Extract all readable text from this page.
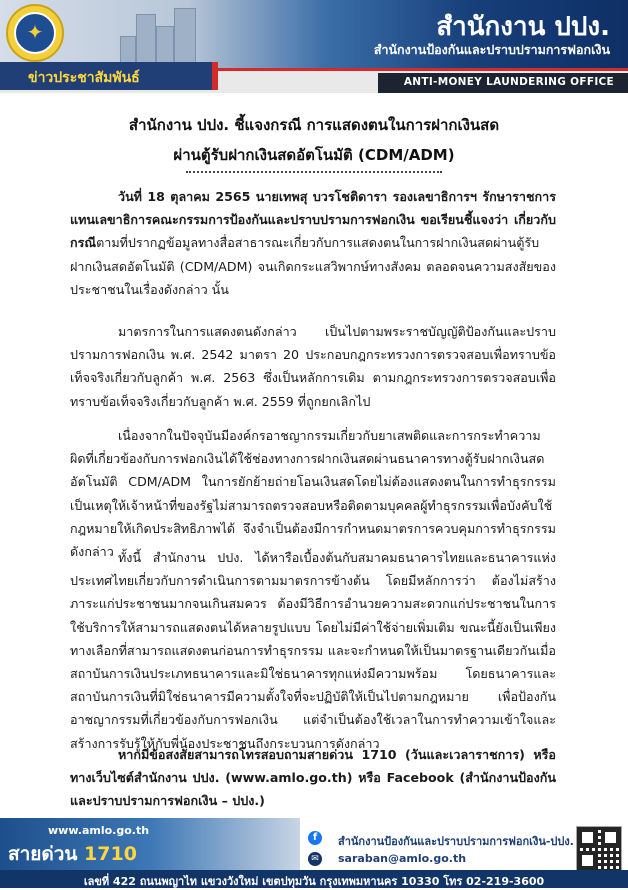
✦	สำนักงาน ปปง.
สำนักงานป้องกันและปราบปรามการฟอกเงิน
ข่าวประชาสัมพันธ์	ANTI-MONEY LAUNDERING OFFICE
สำนักงาน ปปง. ชี้แจงกรณี การแสดงตนในการฝากเงินสด
ผ่านตู้รับฝากเงินสดอัตโนมัติ (CDM/ADM)
วันที่ 18 ตุลาคม 2565 นายเทพสุ บวรโชติดารา รองเลขาธิการฯ รักษาราชการแทนเลขาธิการคณะกรรมการป้องกันและปราบปรามการฟอกเงิน ขอเรียนชี้แจงว่า เกี่ยวกับกรณีตามที่ปรากฏข้อมูลทางสื่อสาธารณะเกี่ยวกับการแสดงตนในการฝากเงินสดผ่านตู้รับฝากเงินสดอัตโนมัติ (CDM/ADM) จนเกิดกระแสวิพากษ์ทางสังคม ตลอดจนความสงสัยของประชาชนในเรื่องดังกล่าว นั้น
มาตรการในการแสดงตนดังกล่าว เป็นไปตามพระราชบัญญัติป้องกันและปราบปรามการฟอกเงิน พ.ศ. 2542 มาตรา 20 ประกอบกฎกระทรวงการตรวจสอบเพื่อทราบข้อเท็จจริงเกี่ยวกับลูกค้า พ.ศ. 2563 ซึ่งเป็นหลักการเดิม ตามกฎกระทรวงการตรวจสอบเพื่อทราบข้อเท็จจริงเกี่ยวกับลูกค้า พ.ศ. 2559 ที่ถูกยกเลิกไป
เนื่องจากในปัจจุบันมีองค์กรอาชญากรรมเกี่ยวกับยาเสพติดและการกระทำความผิดที่เกี่ยวข้องกับการฟอกเงินได้ใช้ช่องทางการฝากเงินสดผ่านธนาคารทางตู้รับฝากเงินสดอัตโนมัติ CDM/ADM ในการยักย้ายถ่ายโอนเงินสดโดยไม่ต้องแสดงตนในการทำธุรกรรม เป็นเหตุให้เจ้าหน้าที่ของรัฐไม่สามารถตรวจสอบหรือติดตามบุคคลผู้ทำธุรกรรมเพื่อบังคับใช้กฎหมายให้เกิดประสิทธิภาพได้ จึงจำเป็นต้องมีการกำหนดมาตรการควบคุมการทำธุรกรรมดังกล่าว ทั้งนี้ สำนักงาน ปปง. ได้หารือเบื้องต้นกับสมาคมธนาคารไทยและธนาคารแห่งประเทศไทยเกี่ยวกับการดำเนินการตามมาตรการข้างต้น โดยมีหลักการว่า ต้องไม่สร้างภาระแก่ประชาชนมากจนเกินสมควร ต้องมีวิธีการอำนวยความสะดวกแก่ประชาชนในการใช้บริการให้สามารถแสดงตนได้หลายรูปแบบ โดยไม่มีค่าใช้จ่ายเพิ่มเติม ขณะนี้ยังเป็นเพียงทางเลือกที่สามารถแสดงตนก่อนการทำธุรกรรม และจะกำหนดให้เป็นมาตรฐานเดียวกันเมื่อสถาบันการเงินประเภทธนาคารและมิใช่ธนาคารทุกแห่งมีความพร้อม โดยธนาคารและสถาบันการเงินที่มิใช่ธนาคารมีความตั้งใจที่จะปฏิบัติให้เป็นไปตามกฎหมาย เพื่อป้องกันอาชญากรรมที่เกี่ยวข้องกับการฟอกเงิน แต่จำเป็นต้องใช้เวลาในการทำความเข้าใจและสร้างการรับรู้ให้กับพี่น้องประชาชนถึงกระบวนการดังกล่าว
หากมีข้อสงสัยสามารถโทรสอบถามสายด่วน 1710 (วันและเวลาราชการ) หรือทางเว็บไซต์สำนักงาน ปปง. (www.amlo.go.th) หรือ Facebook (สำนักงานป้องกันและปราบปรามการฟอกเงิน – ปปง.)
www.amlo.go.th
สายด่วน 1710
f	สำนักงานป้องกันและปราบปรามการฟอกเงิน-ปปง.
✉ saraban@amlo.go.th
เลขที่ 422 ถนนพญาไท แขวงวังใหม่ เขตปทุมวัน กรุงเทพมหานคร 10330 โทร 02-219-3600
